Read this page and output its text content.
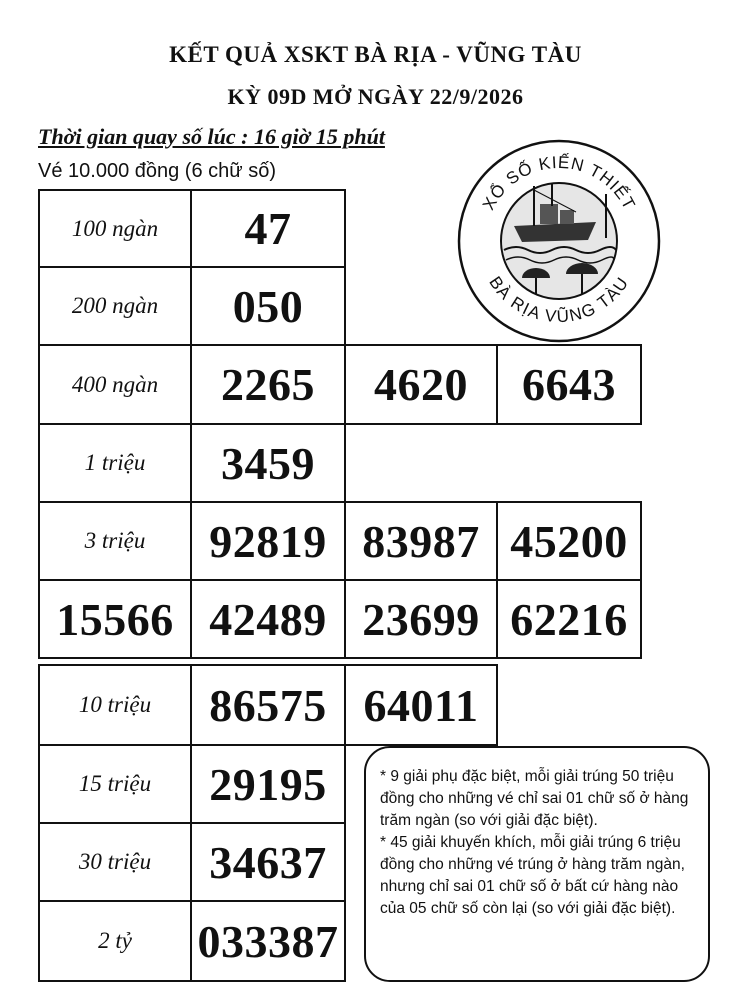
KẾT QUẢ XSKT BÀ RỊA - VŨNG TÀU
KỲ 09D MỞ NGÀY 22/9/2026
Thời gian quay số lúc : 16 giờ 15 phút
Vé 10.000 đồng (6 chữ số)
XỔ SỐ KIẾN THIẾT
BÀ RỊA VŨNG TÀU
100 ngàn	47
200 ngàn	050
400 ngàn	2265	4620	6643
1 triệu	3459
3 triệu	92819 83987 45200
15566 42489 23699 62216
10 triệu	86575 64011
15 triệu	29195
30 triệu	34637
2 tỷ	033387

* 9 giải phụ đặc biệt, mỗi giải trúng 50 triệu đồng cho những vé chỉ sai 01 chữ số ở hàng trăm ngàn (so với giải đặc biệt).

* 45 giải khuyến khích, mỗi giải trúng 6 triệu đồng cho những vé trúng ở hàng trăm ngàn, nhưng chỉ sai 01 chữ số ở bất cứ hàng nào của 05 chữ số còn lại (so với giải đặc biệt).
